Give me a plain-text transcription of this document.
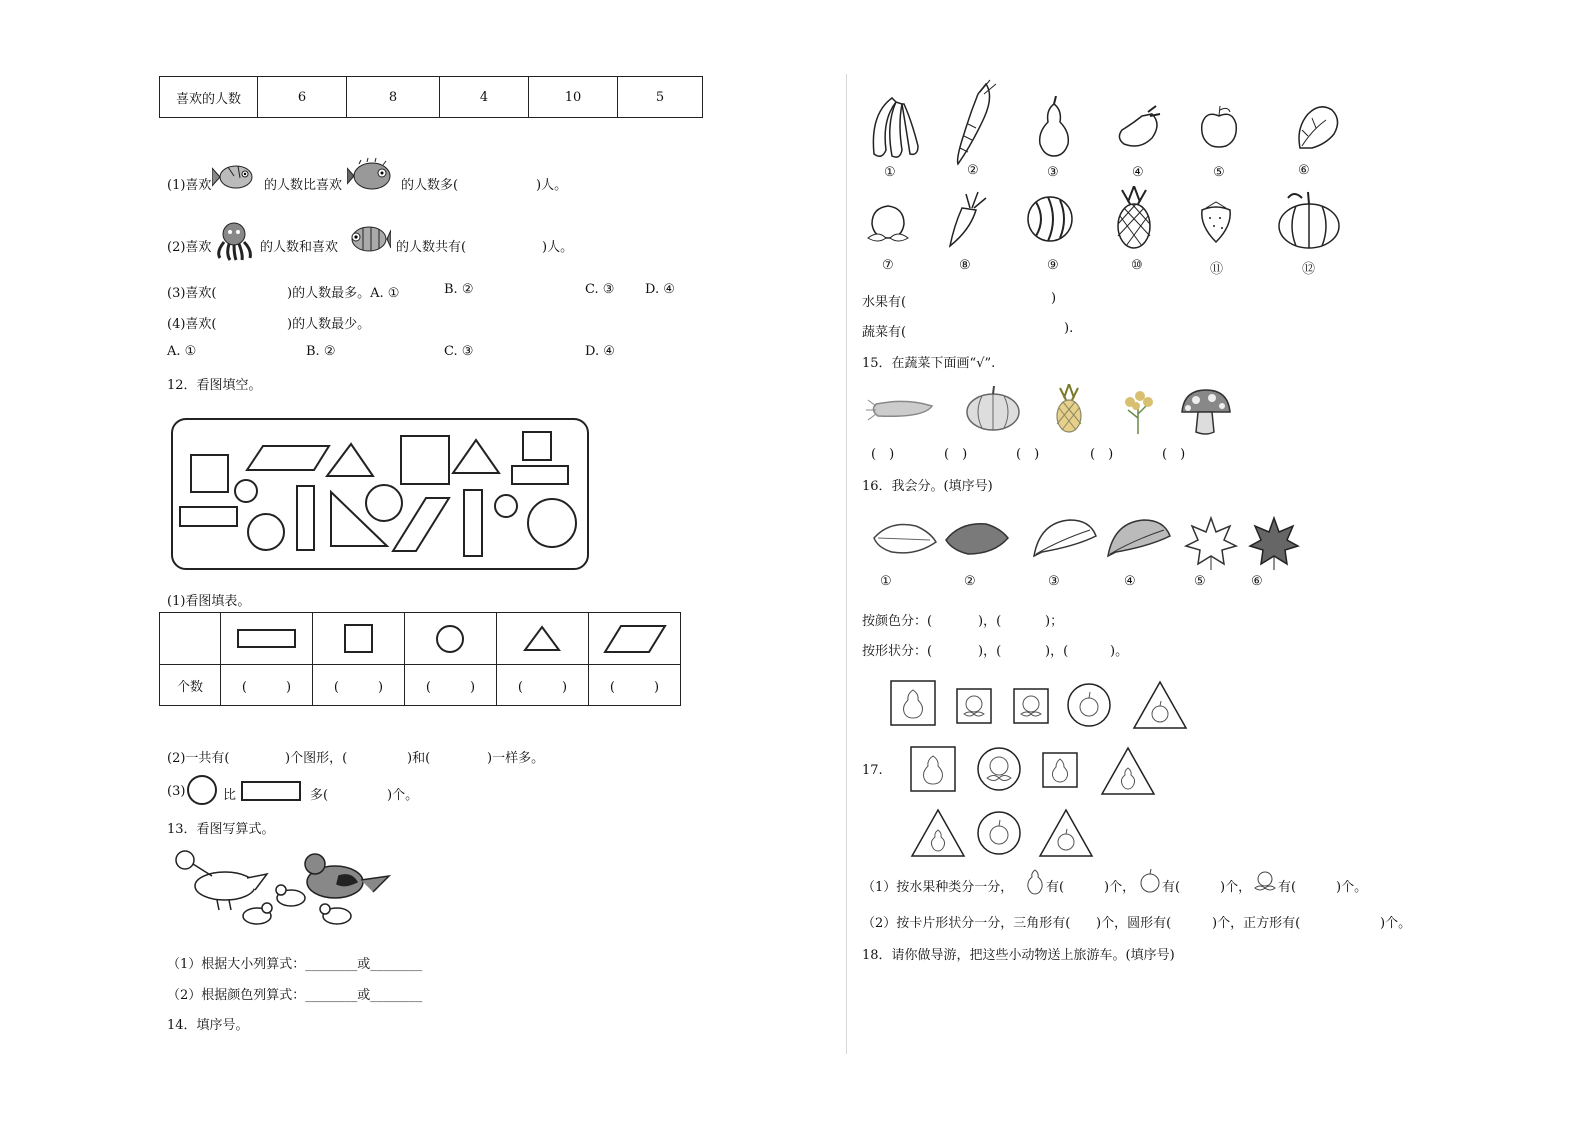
喜欢的人数	6	8	4	10	5
(1)喜欢	的人数比喜欢	的人数多(	)人。
(2)喜欢	的人数和喜欢	的人数共有(	)人。
(3)喜欢(	)的人数最多。A. ①	B. ②	C. ③ D. ④
(4)喜欢(	)的人数最少。
A. ①	B. ②	C. ③	D. ④
12．看图填空。
(1)看图填表。

个数	(　　　)	(　　　)	(　　　)	(　　　)	(　　　)
(2)一共有(	)个图形，(	)和(	)一样多。
(3)	比	多(	)个。
13．看图写算式。
（1）根据大小列算式：________或________
（2）根据颜色列算式：________或________
14．填序号。
①	②	③	④	⑤	⑥
⑦	⑧	⑨	⑩	⑪	⑫
水果有(	)
蔬菜有(	).
15．在蔬菜下面画“√”.
(　)	(　)	(　)	(　)	(　)
16．我会分。(填序号)
①	②	③	④	⑤	⑥
按颜色分：(	)，(	)；
按形状分：(	)，(	)，(	)。
17.
（1）按水果种类分一分，	有(	)个， 有(	)个， 有(	)个。
（2）按卡片形状分一分，三角形有( )个，圆形有(	)个，正方形有(	)个。
18．请你做导游，把这些小动物送上旅游车。(填序号)
